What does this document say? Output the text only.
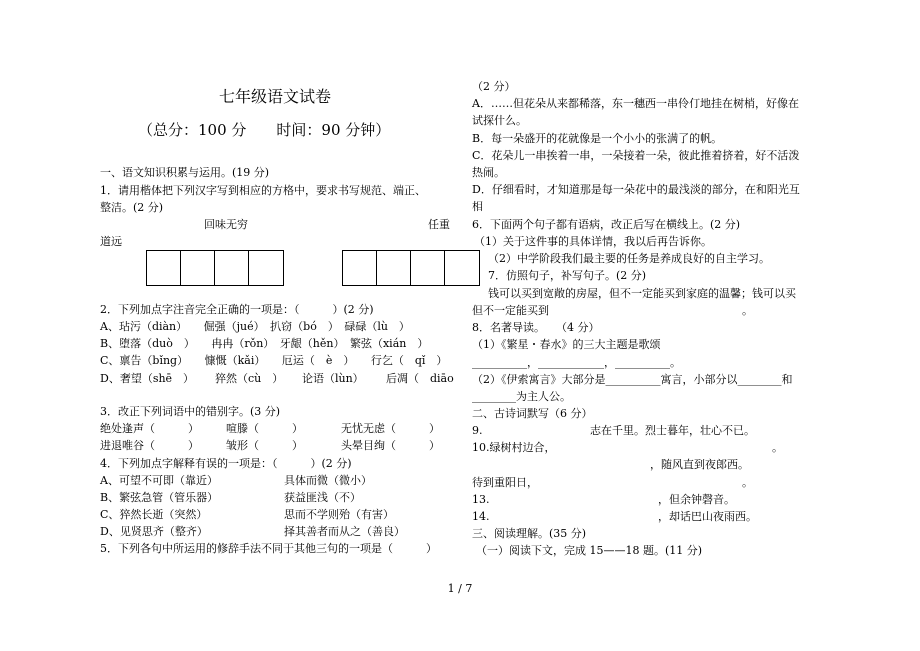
七年级语文试卷
（总分：100 分　　时间：90 分钟）
一、语文知识积累与运用。(19 分)
1．请用楷体把下列汉字写到相应的方格中，要求书写规范、端正、
整洁。(2 分)
回味无穷	任重
道远
2．下列加点字注音完全正确的一项是：（　　　）(2 分)
A、玷污（diàn）　　倔强（jué）　扒窃（bó　）　碌碌（lù　）
B、堕落（duò　）　　冉冉（rǒn）　牙龈（hěn）　繁弦（xián　）
C、禀告（bǐng）　　慷慨（kǎi）　　厄运（　è　）　　行乞（　qǐ　）
D、奢望（shē　） 猝然（cù　） 论语（lùn） 后凋（　diāo
3．改正下列词语中的错别字。(3 分)
绝处逢声（　　　） 喧滕（　　　）	无忧无虑（　　　）
进退唯谷（　　　） 皱形（　　　）	头晕目绚（　　　）
4．下列加点字解释有误的一项是：（　　　）(2 分)
A、可望不可即（靠近）	具体而微（微小）
B、繁弦急管（管乐器）	获益匪浅（不）
C、猝然长逝（突然）	思而不学则殆（有害）
D、见贤思齐（整齐）	择其善者而从之（善良）
5．下列各句中所运用的修辞手法不同于其他三句的一项是（　　　）
（2 分）
A．……但花朵从来都稀落，东一穗西一串伶仃地挂在树梢，好像在
试探什么。
B．每一朵盛开的花就像是一个小小的张满了的帆。
C．花朵儿一串挨着一串，一朵接着一朵，彼此推着挤着，好不活泼
热闹。
D．仔细看时，才知道那是每一朵花中的最浅淡的部分，在和阳光互
相
6．下面两个句子都有语病，改正后写在横线上。(2 分)
（1）关于这件事的具体详情，我以后再告诉你。
（2）中学阶段我们最主要的任务是养成良好的自主学习。
7．仿照句子，补写句子。(2 分)
钱可以买到宽敞的房屋，但不一定能买到家庭的温馨；钱可以买
但不一定能买到	。
8．名著导读。　　（4 分）
（1）《繁星・春水》的三大主题是歌颂
__________，____________，__________。
（2）《伊索寓言》大部分是__________寓言，小部分以________和
________为主人公。
二、古诗词默写（6 分）
9.	志在千里。烈士暮年，壮心不已。
10.绿树村边合，	。
，随风直到夜郎西。
待到重阳日，	。
13.	，但余钟磬音。
14.	，却话巴山夜雨西。
三、阅读理解。(35 分)
（一）阅读下文，完成 15——18 题。(11 分)
1 / 7
